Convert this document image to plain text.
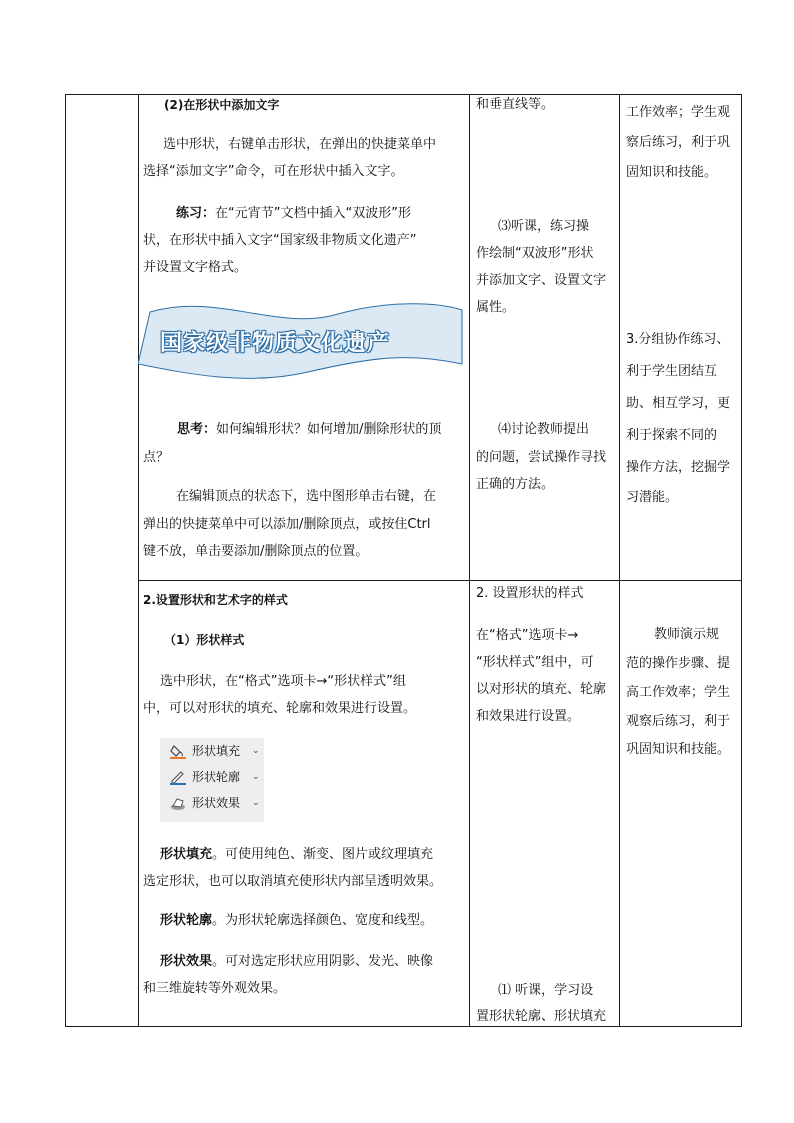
(2)在形状中添加文字
选中形状，右键单击形状，在弹出的快捷菜单中
选择“添加文字”命令，可在形状中插入文字。
练习：在“元宵节”文档中插入“双波形”形
状，在形状中插入文字“国家级非物质文化遗产”
并设置文字格式。
国家级非物质文化遗产
思考：如何编辑形状？如何增加/删除形状的顶
点？
在编辑顶点的状态下，选中图形单击右键，在
弹出的快捷菜单中可以添加/删除顶点，或按住Ctrl
键不放，单击要添加/删除顶点的位置。
2.设置形状和艺术字的样式
（1）形状样式
选中形状，在“格式”选项卡→“形状样式”组
中，可以对形状的填充、轮廓和效果进行设置。
形状填充 ⌄
形状轮廓 ⌄
形状效果 ⌄
形状填充。可使用纯色、渐变、图片或纹理填充
选定形状，也可以取消填充使形状内部呈透明效果。
形状轮廓。为形状轮廓选择颜色、宽度和线型。
形状效果。可对选定形状应用阴影、发光、映像
和三维旋转等外观效果。
和垂直线等。
⑶听课，练习操
作绘制“双波形”形状
并添加文字、设置文字
属性。
⑷讨论教师提出
的问题，尝试操作寻找
正确的方法。
2. 设置形状的样式
在“格式”选项卡→
“形状样式”组中，可
以对形状的填充、轮廓
和效果进行设置。
⑴ 听课，学习设
置形状轮廓、形状填充
工作效率；学生观
察后练习，利于巩
固知识和技能。
3.分组协作练习、
利于学生团结互
助、相互学习，更
利于探索不同的
操作方法，挖掘学
习潜能。
教师演示规
范的操作步骤、提
高工作效率；学生
观察后练习，利于
巩固知识和技能。
